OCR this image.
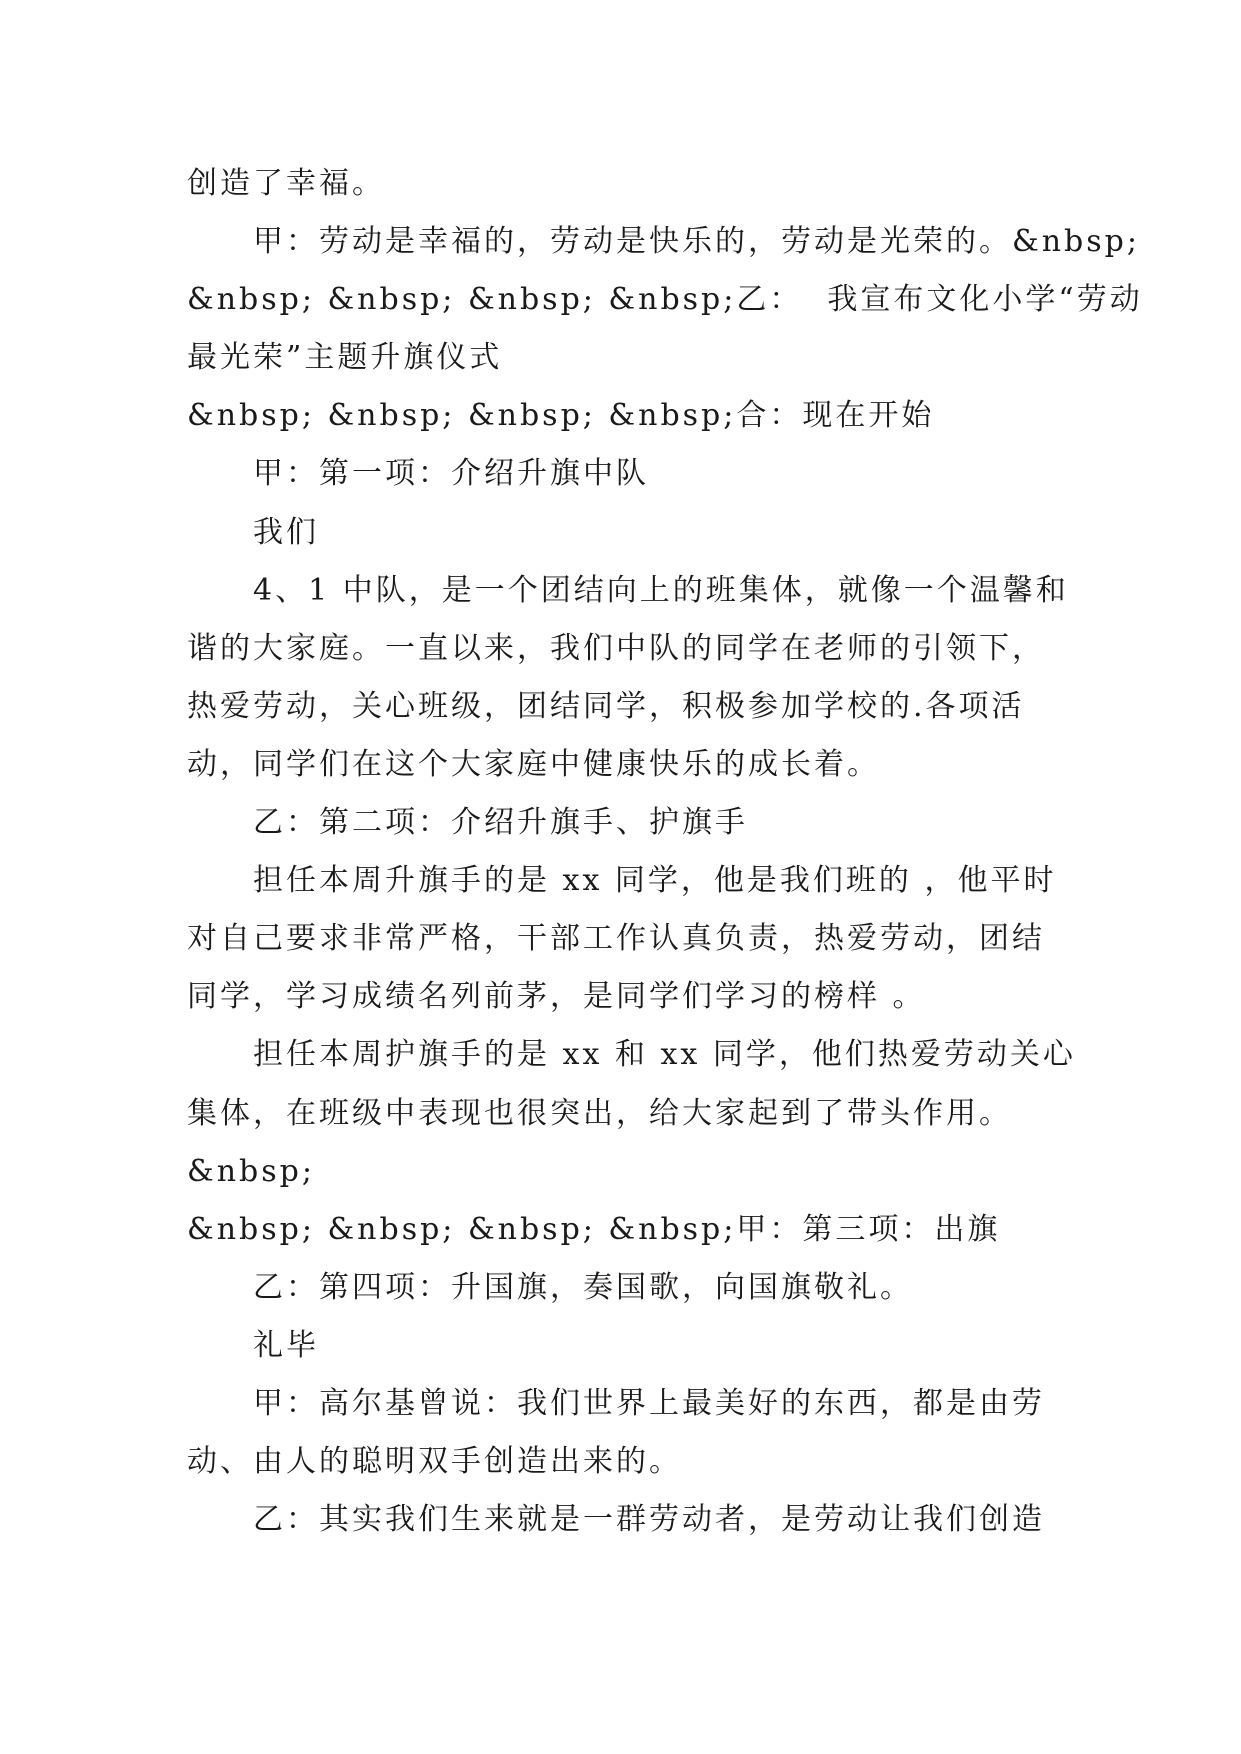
创造了幸福。
甲：劳动是幸福的，劳动是快乐的，劳动是光荣的。&nbsp;
&nbsp; &nbsp; &nbsp; &nbsp;乙：  我宣布文化小学“劳动
最光荣”主题升旗仪式
&nbsp; &nbsp; &nbsp; &nbsp;合：现在开始
甲：第一项：介绍升旗中队
我们
4、1 中队，是一个团结向上的班集体，就像一个温馨和
谐的大家庭。一直以来，我们中队的同学在老师的引领下，
热爱劳动，关心班级，团结同学，积极参加学校的.各项活
动，同学们在这个大家庭中健康快乐的成长着。
乙：第二项：介绍升旗手、护旗手
担任本周升旗手的是 xx 同学，他是我们班的 ，他平时
对自己要求非常严格，干部工作认真负责，热爱劳动，团结
同学，学习成绩名列前茅，是同学们学习的榜样 。
担任本周护旗手的是 xx 和 xx 同学，他们热爱劳动关心
集体，在班级中表现也很突出，给大家起到了带头作用。
&nbsp;
&nbsp; &nbsp; &nbsp; &nbsp;甲：第三项：出旗
乙：第四项：升国旗，奏国歌，向国旗敬礼。
礼毕
甲：高尔基曾说：我们世界上最美好的东西，都是由劳
动、由人的聪明双手创造出来的。
乙：其实我们生来就是一群劳动者，是劳动让我们创造
